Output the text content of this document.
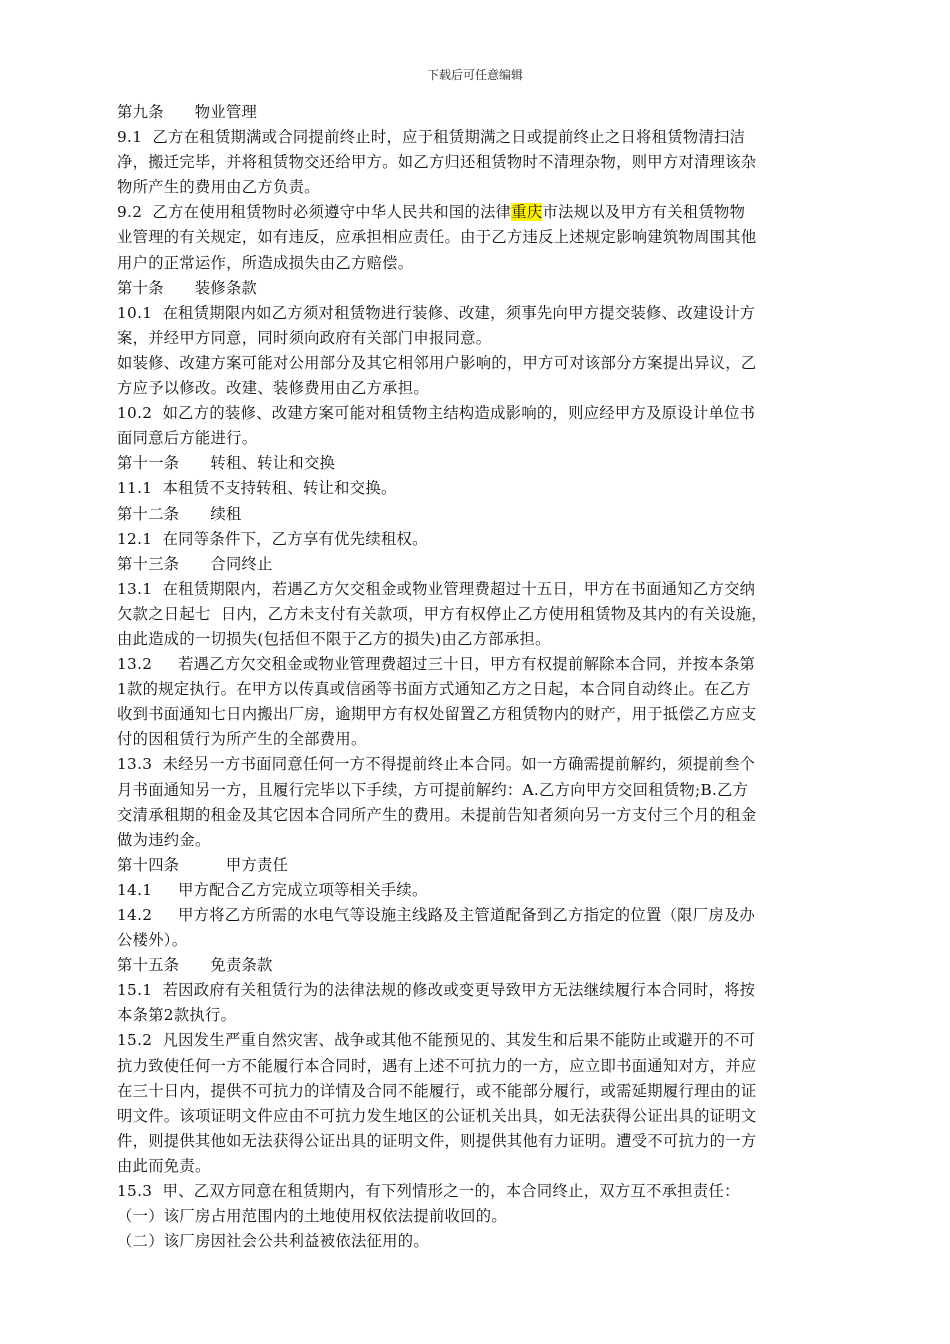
下载后可任意编辑
第九条      物业管理
9.1  乙方在租赁期满或合同提前终止时，应于租赁期满之日或提前终止之日将租赁物清扫洁
净，搬迁完毕，并将租赁物交还给甲方。如乙方归还租赁物时不清理杂物，则甲方对清理该杂
物所产生的费用由乙方负责。
9.2  乙方在使用租赁物时必须遵守中华人民共和国的法律重庆市法规以及甲方有关租赁物物
业管理的有关规定，如有违反，应承担相应责任。由于乙方违反上述规定影响建筑物周围其他
用户的正常运作，所造成损失由乙方赔偿。
第十条      装修条款
10.1  在租赁期限内如乙方须对租赁物进行装修、改建，须事先向甲方提交装修、改建设计方
案，并经甲方同意，同时须向政府有关部门申报同意。
如装修、改建方案可能对公用部分及其它相邻用户影响的，甲方可对该部分方案提出异议，乙
方应予以修改。改建、装修费用由乙方承担。
10.2  如乙方的装修、改建方案可能对租赁物主结构造成影响的，则应经甲方及原设计单位书
面同意后方能进行。
第十一条      转租、转让和交换
11.1  本租赁不支持转租、转让和交换。
第十二条      续租
12.1  在同等条件下，乙方享有优先续租权。
第十三条      合同终止
13.1  在租赁期限内，若遇乙方欠交租金或物业管理费超过十五日，甲方在书面通知乙方交纳
欠款之日起七  日内，乙方未支付有关款项，甲方有权停止乙方使用租赁物及其内的有关设施，
由此造成的一切损失(包括但不限于乙方的损失)由乙方部承担。
13.2     若遇乙方欠交租金或物业管理费超过三十日，甲方有权提前解除本合同，并按本条第
1款的规定执行。在甲方以传真或信函等书面方式通知乙方之日起，本合同自动终止。在乙方
收到书面通知七日内搬出厂房，逾期甲方有权处留置乙方租赁物内的财产，用于抵偿乙方应支
付的因租赁行为所产生的全部费用。
13.3  未经另一方书面同意任何一方不得提前终止本合同。如一方确需提前解约，须提前叁个
月书面通知另一方，且履行完毕以下手续，方可提前解约：A.乙方向甲方交回租赁物;B.乙方
交清承租期的租金及其它因本合同所产生的费用。未提前告知者须向另一方支付三个月的租金
做为违约金。
第十四条         甲方责任
14.1     甲方配合乙方完成立项等相关手续。
14.2     甲方将乙方所需的水电气等设施主线路及主管道配备到乙方指定的位置（限厂房及办
公楼外）。
第十五条      免责条款
15.1  若因政府有关租赁行为的法律法规的修改或变更导致甲方无法继续履行本合同时，将按
本条第2款执行。
15.2  凡因发生严重自然灾害、战争或其他不能预见的、其发生和后果不能防止或避开的不可
抗力致使任何一方不能履行本合同时，遇有上述不可抗力的一方，应立即书面通知对方，并应
在三十日内，提供不可抗力的详情及合同不能履行，或不能部分履行，或需延期履行理由的证
明文件。该项证明文件应由不可抗力发生地区的公证机关出具，如无法获得公证出具的证明文
件，则提供其他如无法获得公证出具的证明文件，则提供其他有力证明。遭受不可抗力的一方
由此而免责。
15.3  甲、乙双方同意在租赁期内，有下列情形之一的，本合同终止，双方互不承担责任：
（一）该厂房占用范围内的土地使用权依法提前收回的。
（二）该厂房因社会公共利益被依法征用的。
